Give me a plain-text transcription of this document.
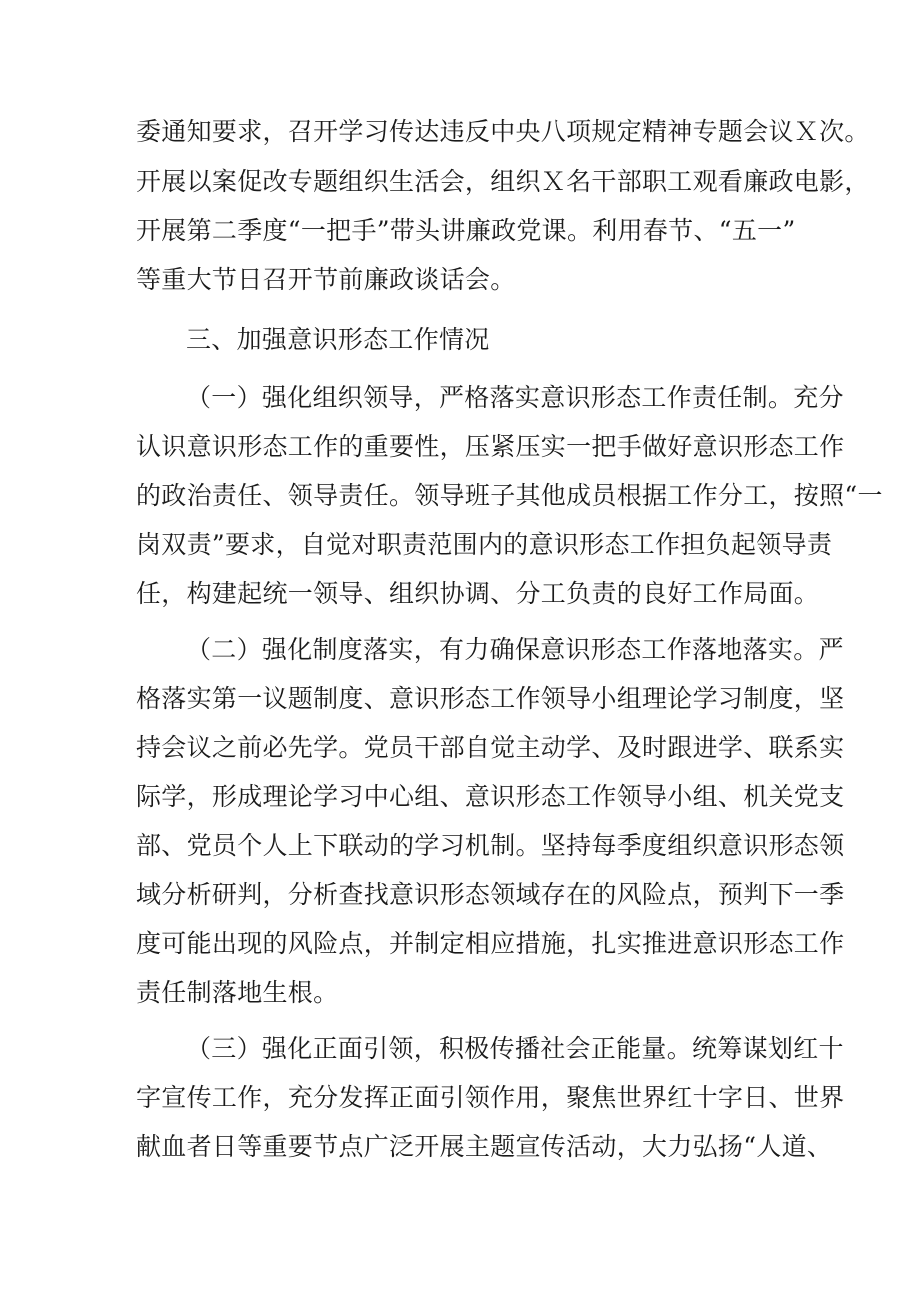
委通知要求，召开学习传达违反中央八项规定精神专题会议Ｘ次。
开展以案促改专题组织生活会，组织Ｘ名干部职工观看廉政电影，
开展第二季度“一把手”带头讲廉政党课。利用春节、“五一”
等重大节日召开节前廉政谈话会。
三、加强意识形态工作情况
（一）强化组织领导，严格落实意识形态工作责任制。充分
认识意识形态工作的重要性，压紧压实一把手做好意识形态工作
的政治责任、领导责任。领导班子其他成员根据工作分工，按照“一
岗双责”要求，自觉对职责范围内的意识形态工作担负起领导责
任，构建起统一领导、组织协调、分工负责的良好工作局面。
（二）强化制度落实，有力确保意识形态工作落地落实。严
格落实第一议题制度、意识形态工作领导小组理论学习制度，坚
持会议之前必先学。党员干部自觉主动学、及时跟进学、联系实
际学，形成理论学习中心组、意识形态工作领导小组、机关党支
部、党员个人上下联动的学习机制。坚持每季度组织意识形态领
域分析研判，分析查找意识形态领域存在的风险点，预判下一季
度可能出现的风险点，并制定相应措施，扎实推进意识形态工作
责任制落地生根。
（三）强化正面引领，积极传播社会正能量。统筹谋划红十
字宣传工作，充分发挥正面引领作用，聚焦世界红十字日、世界
献血者日等重要节点广泛开展主题宣传活动，大力弘扬“人道、
